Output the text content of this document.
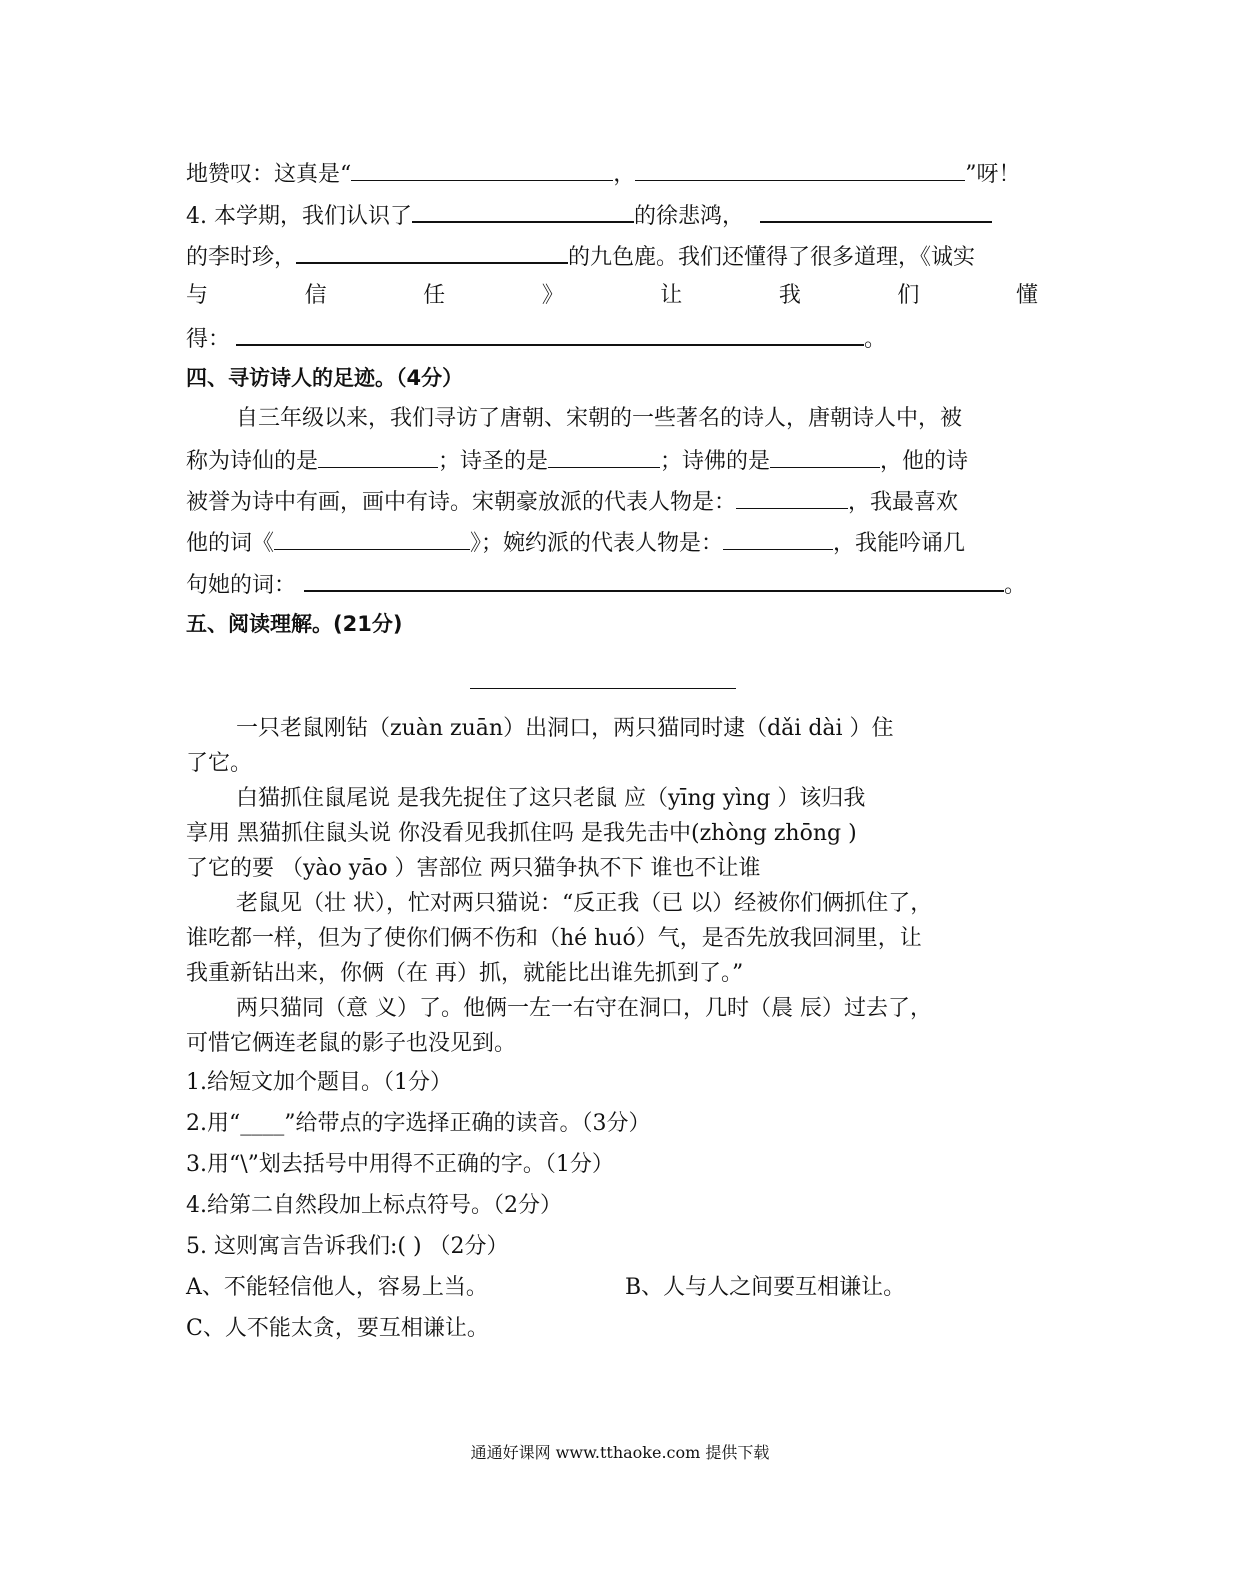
地赞叹：这真是“	，	”呀！
4. 本学期，我们认识了	的徐悲鸿，
的李时珍，	的九色鹿。我们还懂得了很多道理，《诚实
与	信	任	》	让	我	们	懂
得：	。
四、寻访诗人的足迹。（4分）
自三年级以来，我们寻访了唐朝、宋朝的一些著名的诗人，唐朝诗人中，被
称为诗仙的是	；诗圣的是	；诗佛的是	，他的诗
被誉为诗中有画，画中有诗。宋朝豪放派的代表人物是：	，我最喜欢
他的词《	》；婉约派的代表人物是：	，我能吟诵几
句她的词：	。
五、阅读理解。(21分)
一只老鼠刚钻（zuàn zuān）出洞口，两只猫同时逮（dǎi dài ）住
了它。
白猫抓住鼠尾说 是我先捉住了这只老鼠 应（yīng yìng ）该归我
享用 黑猫抓住鼠头说 你没看见我抓住吗 是我先击中(zhòng zhōng )
了它的要 （yào yāo ）害部位 两只猫争执不下 谁也不让谁
老鼠见（壮 状），忙对两只猫说：“反正我（已 以）经被你们俩抓住了，
谁吃都一样，但为了使你们俩不伤和（hé huó）气，是否先放我回洞里，让
我重新钻出来，你俩（在 再）抓，就能比出谁先抓到了。”
两只猫同（意 义）了。他俩一左一右守在洞口，几时（晨 辰）过去了，
可惜它俩连老鼠的影子也没见到。
1.给短文加个题目。（1分）
2.用“____”给带点的字选择正确的读音。（3分）
3.用“\”划去括号中用得不正确的字。（1分）
4.给第二自然段加上标点符号。（2分）
5. 这则寓言告诉我们:( ) （2分）
A、不能轻信他人，容易上当。	B、人与人之间要互相谦让。
C、人不能太贪，要互相谦让。
通通好课网 www.tthaoke.com 提供下载
